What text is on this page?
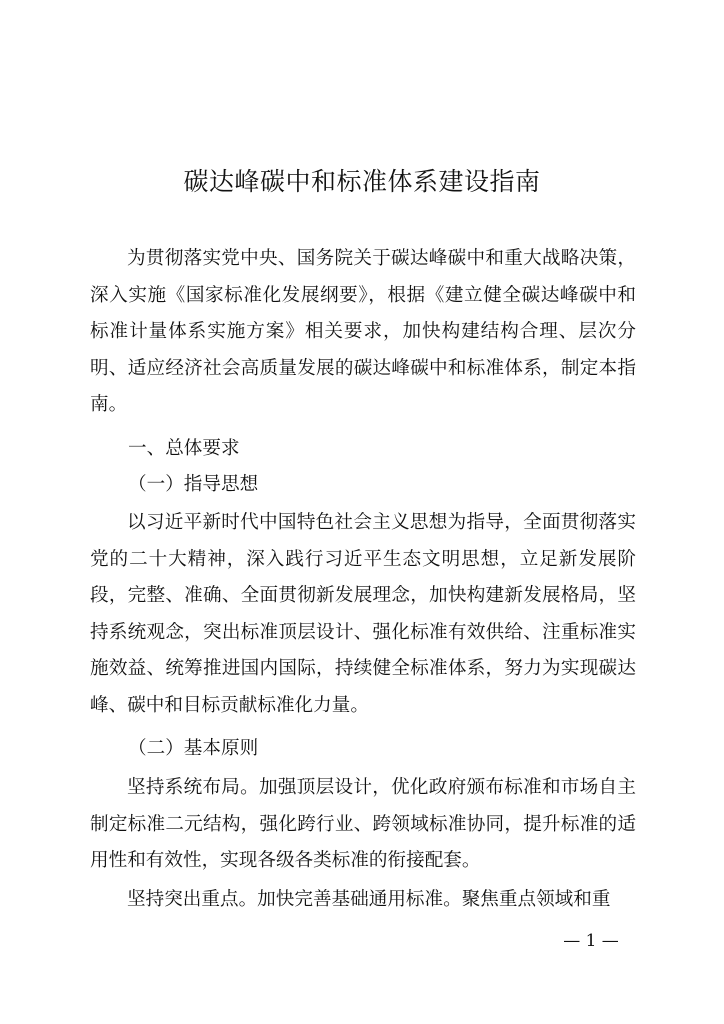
碳达峰碳中和标准体系建设指南

为贯彻落实党中央、国务院关于碳达峰碳中和重大战略决策，深入实施《国家标准化发展纲要》，根据《建立健全碳达峰碳中和标准计量体系实施方案》相关要求，加快构建结构合理、层次分明、适应经济社会高质量发展的碳达峰碳中和标准体系，制定本指南。

一、总体要求

（一）指导思想

以习近平新时代中国特色社会主义思想为指导，全面贯彻落实党的二十大精神，深入践行习近平生态文明思想，立足新发展阶段，完整、准确、全面贯彻新发展理念，加快构建新发展格局，坚持系统观念，突出标准顶层设计、强化标准有效供给、注重标准实施效益、统筹推进国内国际，持续健全标准体系，努力为实现碳达峰、碳中和目标贡献标准化力量。

（二）基本原则

坚持系统布局。加强顶层设计，优化政府颁布标准和市场自主制定标准二元结构，强化跨行业、跨领域标准协同，提升标准的适用性和有效性，实现各级各类标准的衔接配套。

坚持突出重点。加快完善基础通用标准。聚焦重点领域和重

— 1 —
